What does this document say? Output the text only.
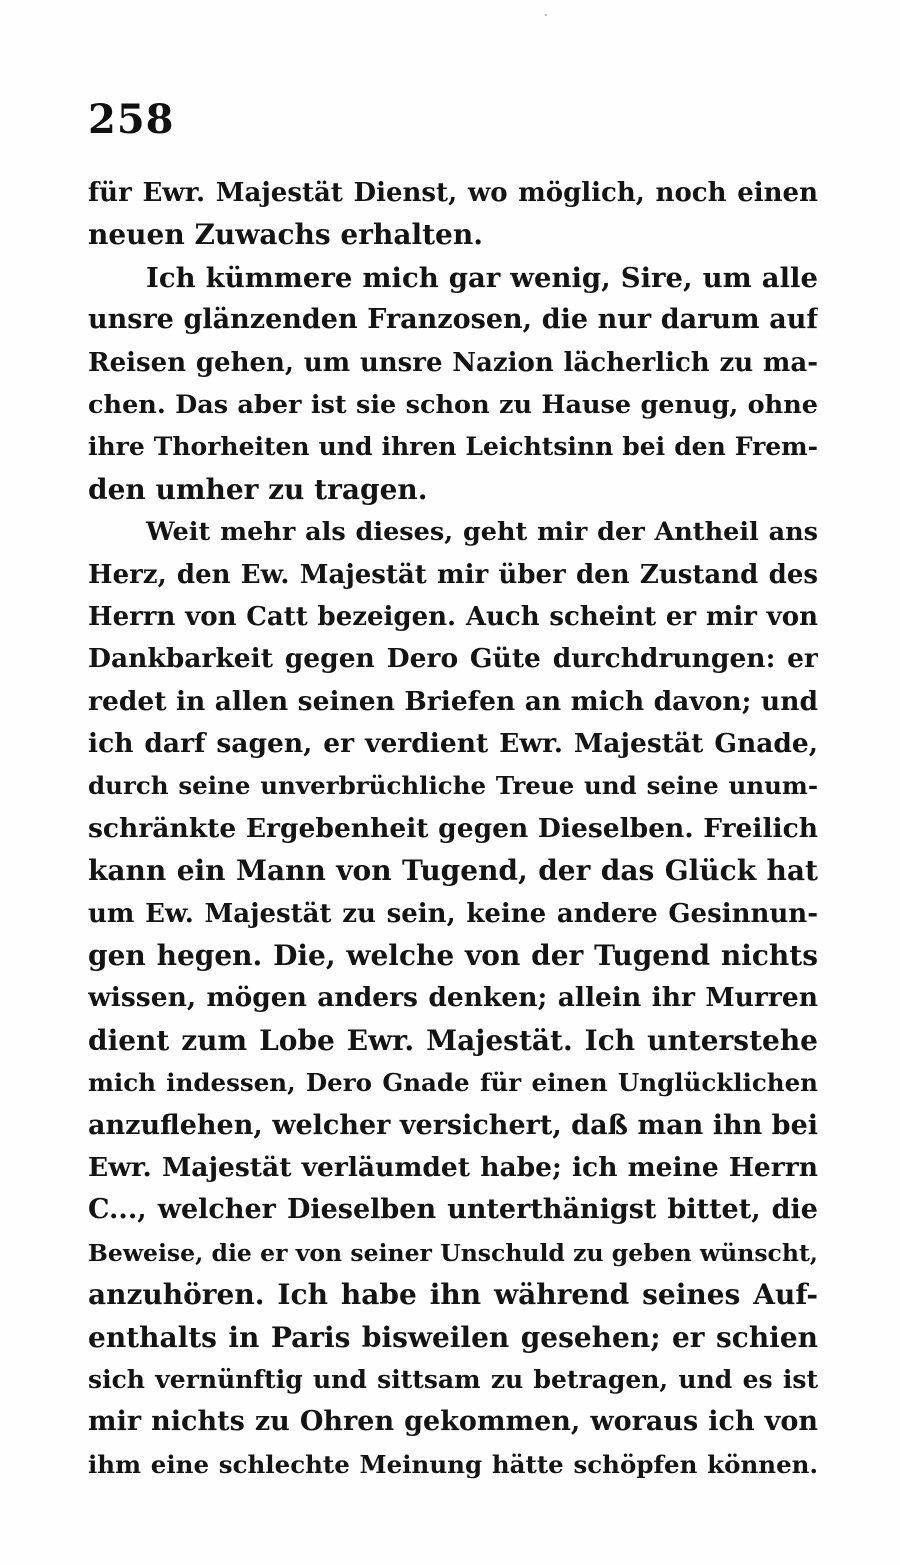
258
für Ewr. Majestät Dienst, wo möglich, noch einen
neuen Zuwachs erhalten.
Ich kümmere mich gar wenig, Sire, um alle
unsre glänzenden Franzosen, die nur darum auf
Reisen gehen, um unsre Nazion lächerlich zu ma-
chen. Das aber ist sie schon zu Hause genug, ohne
ihre Thorheiten und ihren Leichtsinn bei den Frem-
den umher zu tragen.
Weit mehr als dieses, geht mir der Antheil ans
Herz, den Ew. Majestät mir über den Zustand des
Herrn von Catt bezeigen. Auch scheint er mir von
Dankbarkeit gegen Dero Güte durchdrungen: er
redet in allen seinen Briefen an mich davon; und
ich darf sagen, er verdient Ewr. Majestät Gnade,
durch seine unverbrüchliche Treue und seine unum-
schränkte Ergebenheit gegen Dieselben. Freilich
kann ein Mann von Tugend, der das Glück hat
um Ew. Majestät zu sein, keine andere Gesinnun-
gen hegen. Die, welche von der Tugend nichts
wissen, mögen anders denken; allein ihr Murren
dient zum Lobe Ewr. Majestät. Ich unterstehe
mich indessen, Dero Gnade für einen Unglücklichen
anzuflehen, welcher versichert, daß man ihn bei
Ewr. Majestät verläumdet habe; ich meine Herrn
C..., welcher Dieselben unterthänigst bittet, die
Beweise, die er von seiner Unschuld zu geben wünscht,
anzuhören. Ich habe ihn während seines Auf-
enthalts in Paris bisweilen gesehen; er schien
sich vernünftig und sittsam zu betragen, und es ist
mir nichts zu Ohren gekommen, woraus ich von
ihm eine schlechte Meinung hätte schöpfen können.
